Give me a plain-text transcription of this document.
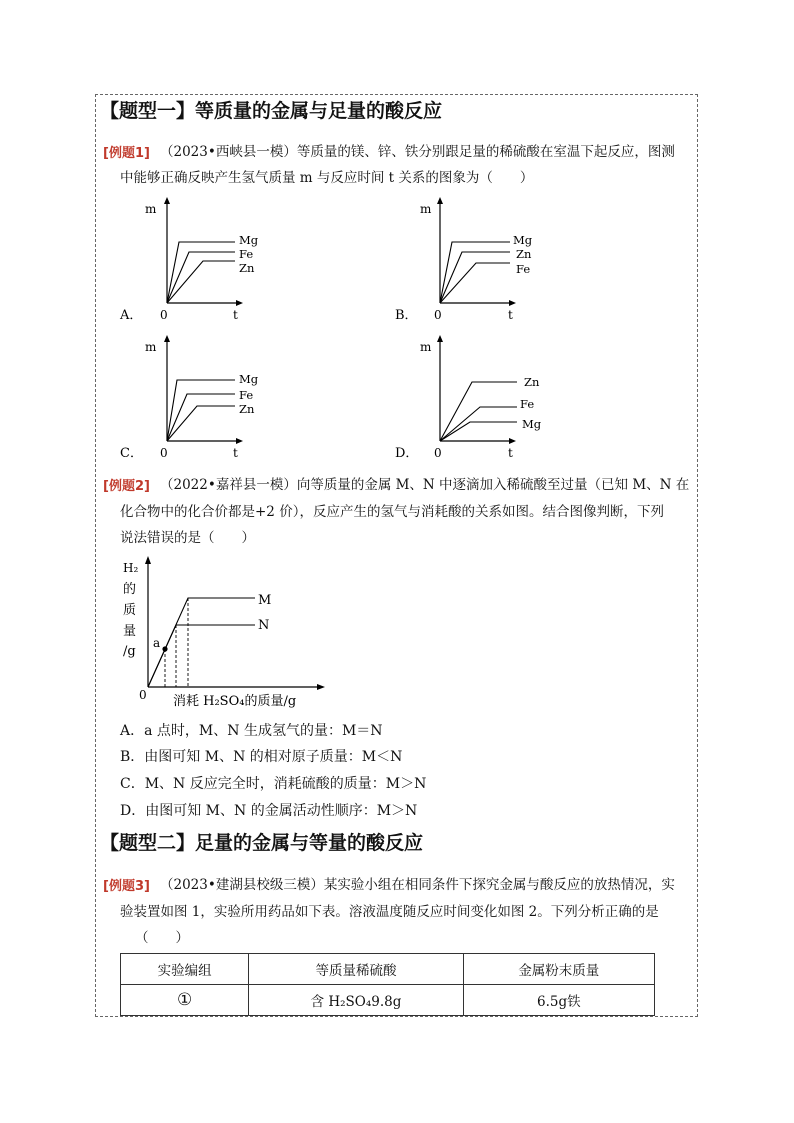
【题型一】等质量的金属与足量的酸反应
[例题1] （2023•西峡县一模）等质量的镁、锌、铁分别跟足量的稀硫酸在室温下起反应，图测
中能够正确反映产生氢气质量 m 与反应时间 t 关系的图象为（　　）
m
A． 0	t
Mg
Fe
Zn
m
B． 0	t
Mg
Zn
Fe
m
C． 0	t
Mg
Fe
Zn
m
D． 0	t
Zn
Fe
Mg
[例题2] （2022•嘉祥县一模）向等质量的金属 M、N 中逐滴加入稀硫酸至过量（已知 M、N 在
化合物中的化合价都是+2 价），反应产生的氢气与消耗酸的关系如图。结合图像判断，下列
说法错误的是（　　）
H₂
的
质
量
/g
0 消耗 H₂SO₄的质量/g
a
M
N
A．a 点时，M、N 生成氢气的量：M＝N
B．由图可知 M、N 的相对原子质量：M＜N
C．M、N 反应完全时，消耗硫酸的质量：M＞N
D．由图可知 M、N 的金属活动性顺序：M＞N
【题型二】足量的金属与等量的酸反应
[例题3] （2023•建湖县校级三模）某实验小组在相同条件下探究金属与酸反应的放热情况，实
验装置如图 1，实验所用药品如下表。溶液温度随反应时间变化如图 2。下列分析正确的是
（　　）
实验编组	等质量稀硫酸	金属粉末质量
①	含 H₂SO₄9.8g	6.5g铁
